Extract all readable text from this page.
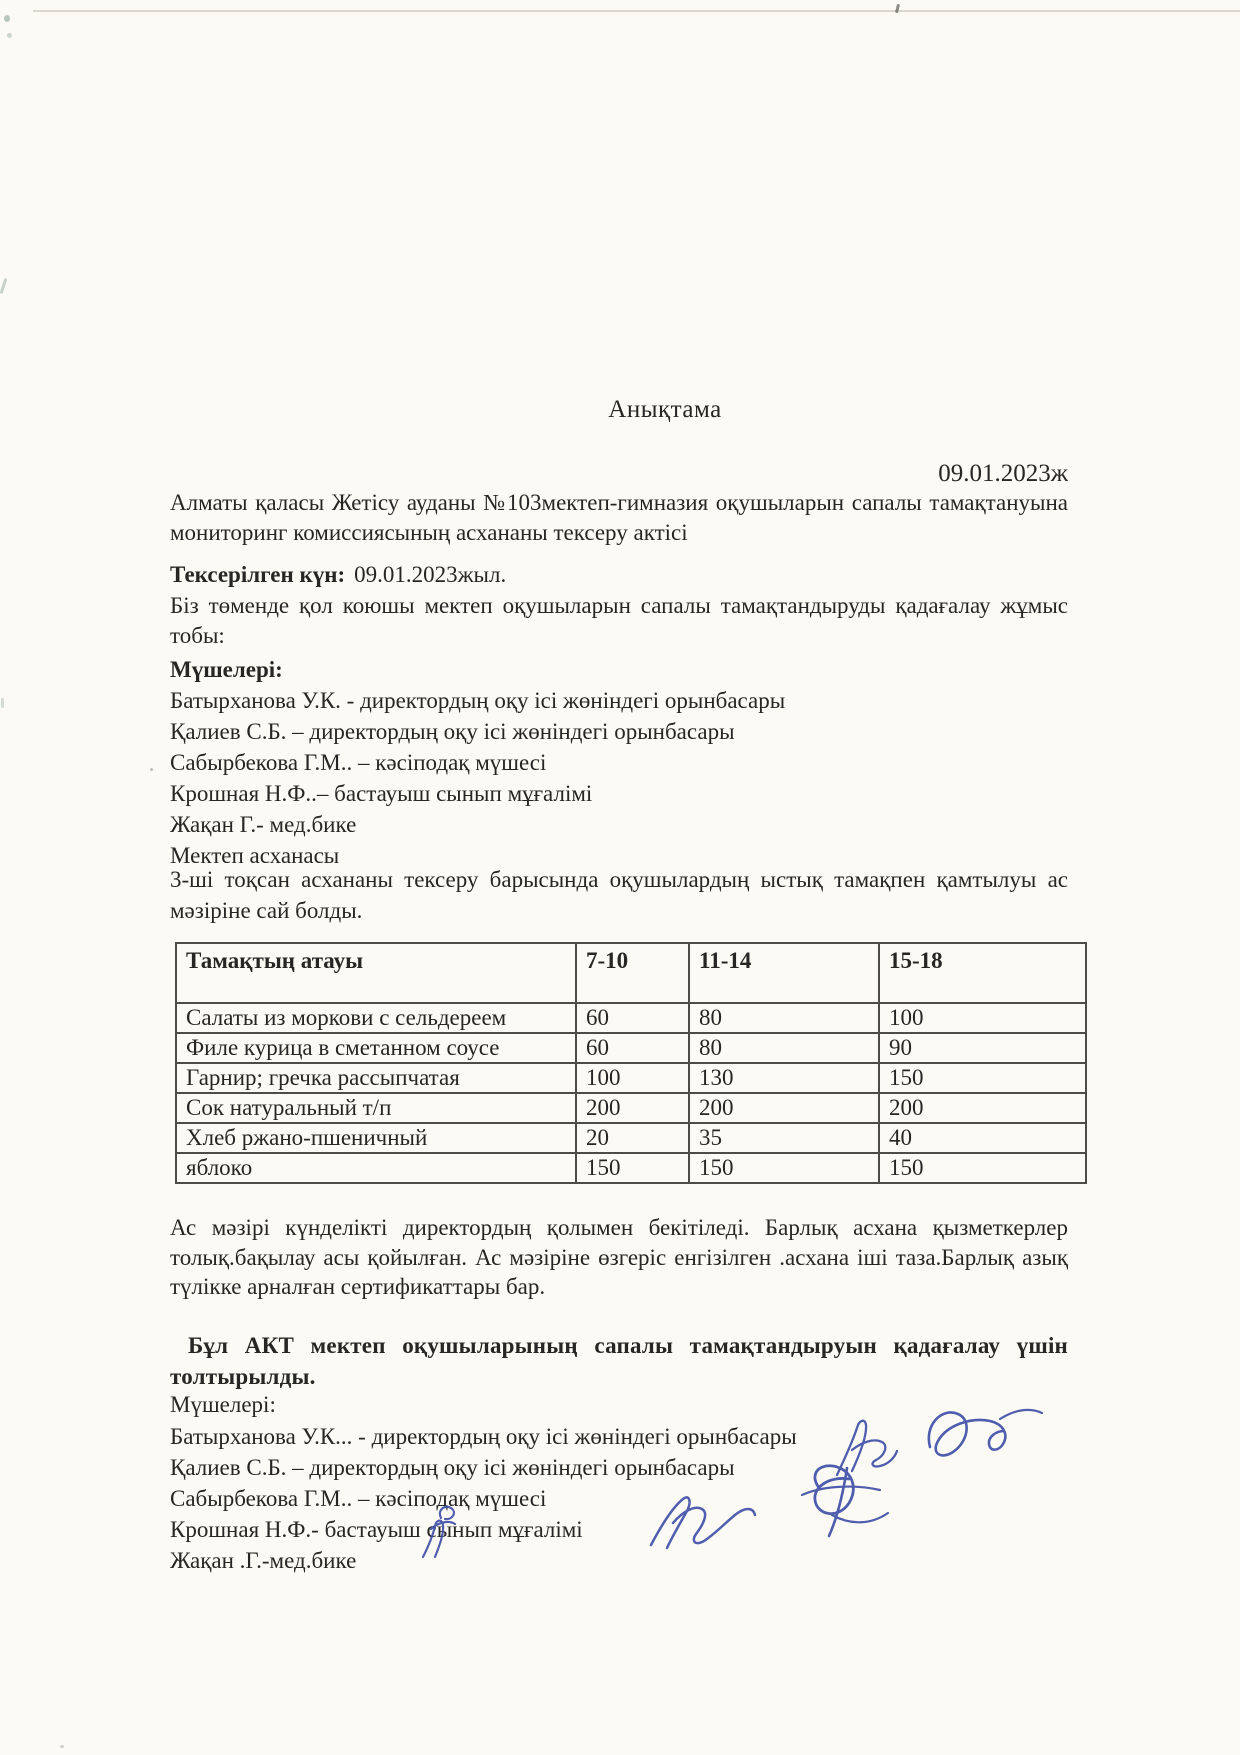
Анықтама
09.01.2023ж
Алматы қаласы Жетісу ауданы №103мектеп-гимназия оқушыларын сапалы тамақтануына мониторинг комиссиясының асхананы тексеру актісі
Тексерілген күн: 09.01.2023жыл.
Біз төменде қол коюшы мектеп оқушыларын сапалы тамақтандыруды қадағалау жұмыс тобы:
Мүшелері:
Батырханова У.К. - директордың оқу ісі жөніндегі орынбасары
Қалиев С.Б. – директордың оқу ісі жөніндегі орынбасары
Сабырбекова Г.М.. – кәсіподақ мүшесі
Крошная Н.Ф..– бастауыш сынып мұғалімі
Жақан Г.- мед.бике
Мектеп асханасы
3-ші тоқсан асхананы тексеру барысында оқушылардың ыстық тамақпен қамтылуы ас мәзіріне сай болды.
Тамақтың атауы	7-10	11-14	15-18
Салаты из моркови с сельдереем	60	80	100
Филе курица в сметанном соусе	60	80	90
Гарнир; гречка рассыпчатая	100	130	150
Сок натуральный т/п	200	200	200
Хлеб ржано-пшеничный	20	35	40
яблоко	150	150	150
Ас мәзірі күнделікті директордың қолымен бекітіледі. Барлық асхана қызметкерлер толық.бақылау асы қойылған. Ас мәзіріне өзгеріс енгізілген .асхана іші таза.Барлық азық түлікке арналған сертификаттары бар.
Бұл АКТ мектеп оқушыларының сапалы тамақтандыруын қадағалау үшін толтырылды.
Мүшелері:
Батырханова У.К... - директордың оқу ісі жөніндегі орынбасары
Қалиев С.Б. – директордың оқу ісі жөніндегі орынбасары
Сабырбекова Г.М.. – кәсіподақ мүшесі
Крошная Н.Ф.- бастауыш сынып мұғалімі
Жақан .Г.-мед.бике
